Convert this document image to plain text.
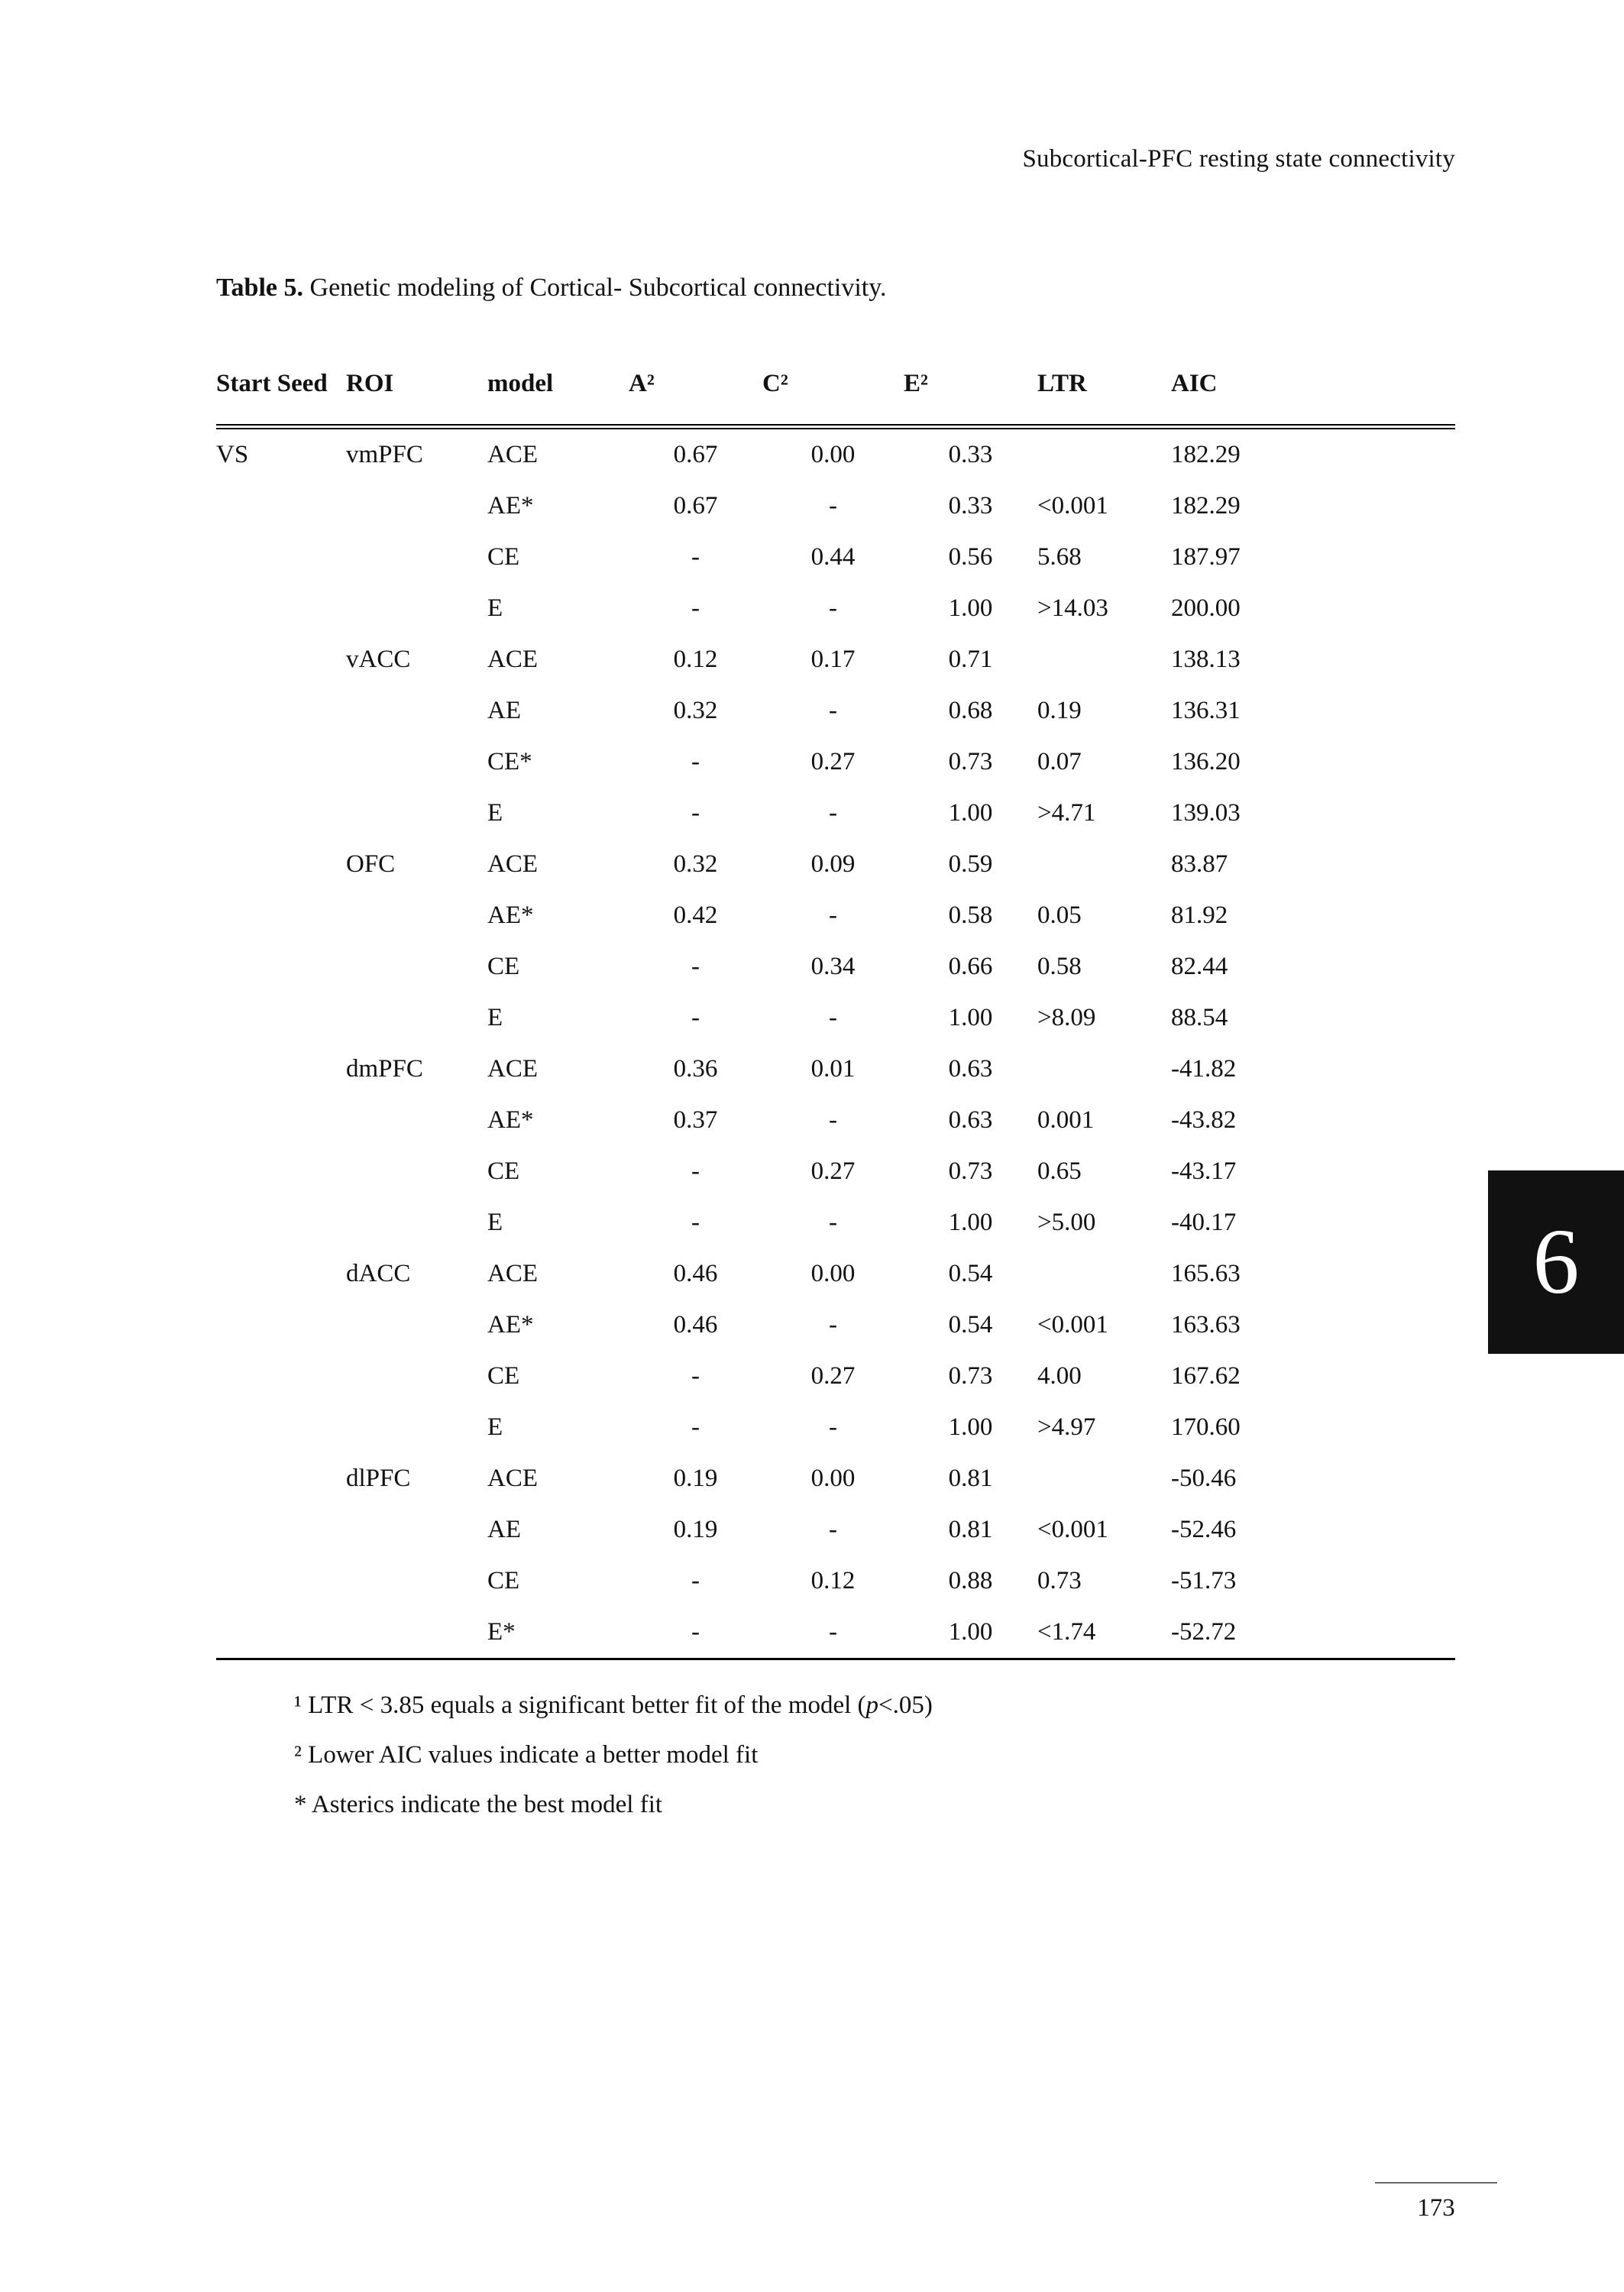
Subcortical-PFC resting state connectivity
Table 5. Genetic modeling of Cortical- Subcortical connectivity.
Start Seed	ROI	model	A²	C²	E²	LTR	AIC
VS	vmPFC	ACE	0.67	0.00	0.33		182.29
		AE*	0.67	-	0.33	<0.001	182.29
		CE	-	0.44	0.56	5.68	187.97
		E	-	-	1.00	>14.03	200.00
	vACC	ACE	0.12	0.17	0.71		138.13
		AE	0.32	-	0.68	0.19	136.31
		CE*	-	0.27	0.73	0.07	136.20
		E	-	-	1.00	>4.71	139.03
	OFC	ACE	0.32	0.09	0.59		83.87
		AE*	0.42	-	0.58	0.05	81.92
		CE	-	0.34	0.66	0.58	82.44
		E	-	-	1.00	>8.09	88.54
	dmPFC	ACE	0.36	0.01	0.63		-41.82
		AE*	0.37	-	0.63	0.001	-43.82
		CE	-	0.27	0.73	0.65	-43.17
		E	-	-	1.00	>5.00	-40.17
	dACC	ACE	0.46	0.00	0.54		165.63
		AE*	0.46	-	0.54	<0.001	163.63
		CE	-	0.27	0.73	4.00	167.62
		E	-	-	1.00	>4.97	170.60
	dlPFC	ACE	0.19	0.00	0.81		-50.46
		AE	0.19	-	0.81	<0.001	-52.46
		CE	-	0.12	0.88	0.73	-51.73
		E*	-	-	1.00	<1.74	-52.72
¹ LTR < 3.85 equals a significant better fit of the model (p<.05)
² Lower AIC values indicate a better model fit
* Asterics indicate the best model fit
6
173
